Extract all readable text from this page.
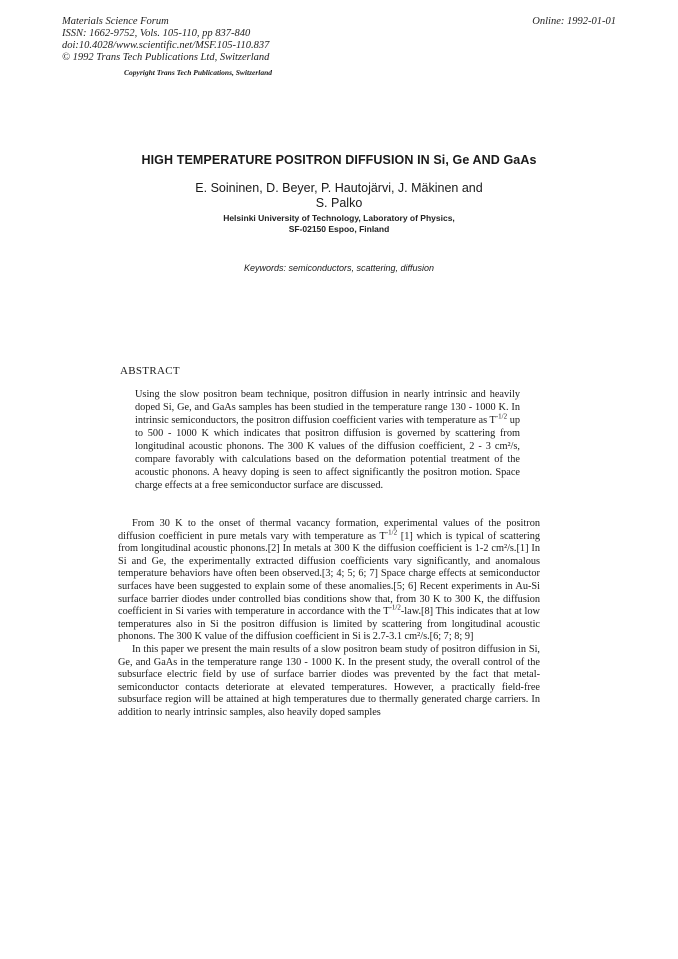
Materials Science Forum
ISSN: 1662-9752, Vols. 105-110, pp 837-840
doi:10.4028/www.scientific.net/MSF.105-110.837
© 1992 Trans Tech Publications Ltd, Switzerland
Online: 1992-01-01
Copyright Trans Tech Publications, Switzerland
HIGH TEMPERATURE POSITRON DIFFUSION IN Si, Ge AND GaAs
E. Soininen, D. Beyer, P. Hautojärvi, J. Mäkinen and
S. Palko
Helsinki University of Technology, Laboratory of Physics,
SF-02150 Espoo, Finland
Keywords: semiconductors, scattering, diffusion
ABSTRACT

Using the slow positron beam technique, positron diffusion in nearly intrinsic and heavily doped Si, Ge, and GaAs samples has been studied in the temperature range 130 - 1000 K. In intrinsic semiconductors, the positron diffusion coefficient varies with temperature as $T^{-1/2}$ up to 500 - 1000 K which indicates that positron diffusion is governed by scattering from longitudinal acoustic phonons. The 300 K values of the diffusion coefficient, 2 - 3 cm²/s, compare favorably with calculations based on the deformation potential treatment of the acoustic phonons. A heavy doping is seen to affect significantly the positron motion. Space charge effects at a free semiconductor surface are discussed.

From 30 K to the onset of thermal vacancy formation, experimental values of the positron diffusion coefficient in pure metals vary with temperature as $T^{-1/2}$ [1] which is typical of scattering from longitudinal acoustic phonons.[2] In metals at 300 K the diffusion coefficient is 1-2 cm²/s.[1] In Si and Ge, the experimentally extracted diffusion coefficients vary significantly, and anomalous temperature behaviors have often been observed.[3; 4; 5; 6; 7] Space charge effects at semiconductor surfaces have been suggested to explain some of these anomalies.[5; 6] Recent experiments in Au-Si surface barrier diodes under controlled bias conditions show that, from 30 K to 300 K, the diffusion coefficient in Si varies with temperature in accordance with the $T^{-1/2}-law.[8]$ This indicates that at low temperatures also in Si the positron diffusion is limited by scattering from longitudinal acoustic phonons. The 300 K value of the diffusion coefficient in Si is 2.7-3.1 cm²/s.[6; 7; 8; 9]

In this paper we present the main results of a slow positron beam study of positron diffusion in Si, Ge, and GaAs in the temperature range 130 - 1000 K. In the present study, the overall control of the subsurface electric field by use of surface barrier diodes was prevented by the fact that metal-semiconductor contacts deteriorate at elevated temperatures. However, a practically field-free subsurface region will be attained at high temperatures due to thermally generated charge carriers. In addition to nearly intrinsic samples, also heavily doped samples
